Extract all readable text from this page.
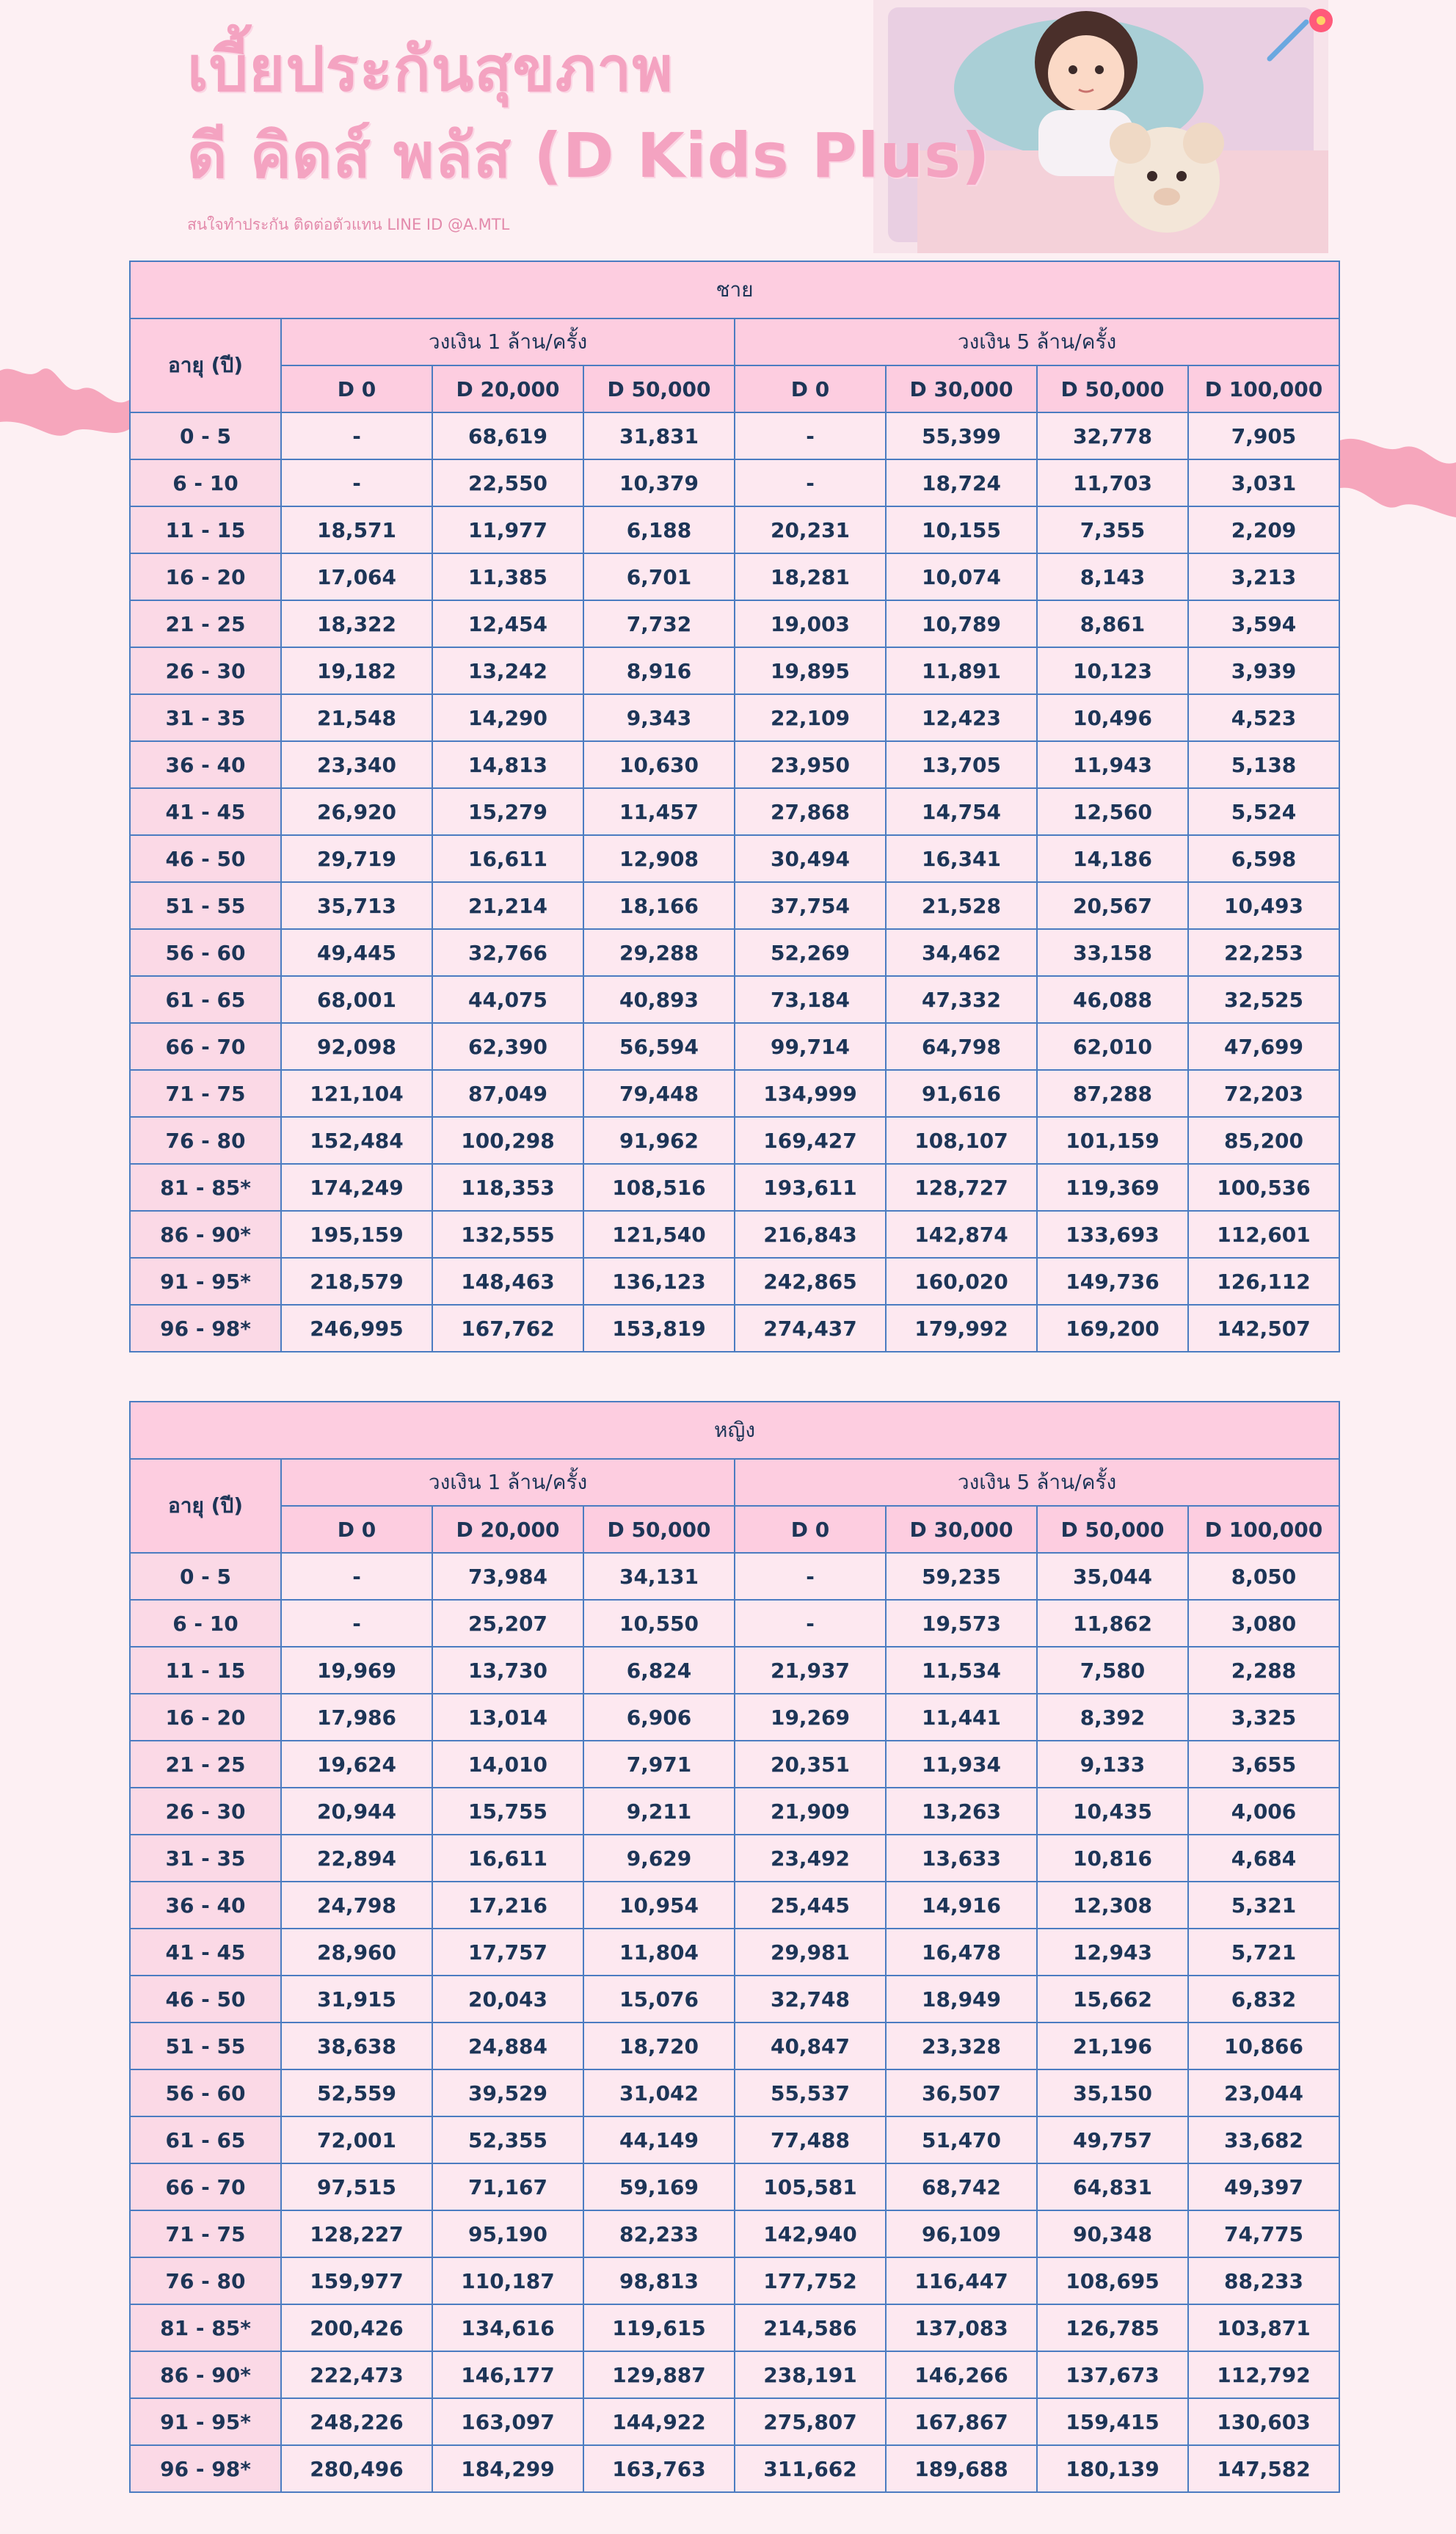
เบี้ยประกันสุขภาพ
ดี คิดส์ พลัส (D Kids Plus)
สนใจทำประกัน ติดต่อตัวแทน LINE ID @A.MTL
ชาย							
อายุ (ปี)	วงเงิน 1 ล้าน/ครั้ง			วงเงิน 5 ล้าน/ครั้ง			
	D 0	D 20,000	D 50,000	D 0	D 30,000	D 50,000	D 100,000
0 - 5	-	68,619	31,831	-	55,399	32,778	7,905
6 - 10	-	22,550	10,379	-	18,724	11,703	3,031
11 - 15	18,571	11,977	6,188	20,231	10,155	7,355	2,209
16 - 20	17,064	11,385	6,701	18,281	10,074	8,143	3,213
21 - 25	18,322	12,454	7,732	19,003	10,789	8,861	3,594
26 - 30	19,182	13,242	8,916	19,895	11,891	10,123	3,939
31 - 35	21,548	14,290	9,343	22,109	12,423	10,496	4,523
36 - 40	23,340	14,813	10,630	23,950	13,705	11,943	5,138
41 - 45	26,920	15,279	11,457	27,868	14,754	12,560	5,524
46 - 50	29,719	16,611	12,908	30,494	16,341	14,186	6,598
51 - 55	35,713	21,214	18,166	37,754	21,528	20,567	10,493
56 - 60	49,445	32,766	29,288	52,269	34,462	33,158	22,253
61 - 65	68,001	44,075	40,893	73,184	47,332	46,088	32,525
66 - 70	92,098	62,390	56,594	99,714	64,798	62,010	47,699
71 - 75	121,104	87,049	79,448	134,999	91,616	87,288	72,203
76 - 80	152,484	100,298	91,962	169,427	108,107	101,159	85,200
81 - 85*	174,249	118,353	108,516	193,611	128,727	119,369	100,536
86 - 90*	195,159	132,555	121,540	216,843	142,874	133,693	112,601
91 - 95*	218,579	148,463	136,123	242,865	160,020	149,736	126,112
96 - 98*	246,995	167,762	153,819	274,437	179,992	169,200	142,507
หญิง							
อายุ (ปี)	วงเงิน 1 ล้าน/ครั้ง			วงเงิน 5 ล้าน/ครั้ง			
	D 0	D 20,000	D 50,000	D 0	D 30,000	D 50,000	D 100,000
0 - 5	-	73,984	34,131	-	59,235	35,044	8,050
6 - 10	-	25,207	10,550	-	19,573	11,862	3,080
11 - 15	19,969	13,730	6,824	21,937	11,534	7,580	2,288
16 - 20	17,986	13,014	6,906	19,269	11,441	8,392	3,325
21 - 25	19,624	14,010	7,971	20,351	11,934	9,133	3,655
26 - 30	20,944	15,755	9,211	21,909	13,263	10,435	4,006
31 - 35	22,894	16,611	9,629	23,492	13,633	10,816	4,684
36 - 40	24,798	17,216	10,954	25,445	14,916	12,308	5,321
41 - 45	28,960	17,757	11,804	29,981	16,478	12,943	5,721
46 - 50	31,915	20,043	15,076	32,748	18,949	15,662	6,832
51 - 55	38,638	24,884	18,720	40,847	23,328	21,196	10,866
56 - 60	52,559	39,529	31,042	55,537	36,507	35,150	23,044
61 - 65	72,001	52,355	44,149	77,488	51,470	49,757	33,682
66 - 70	97,515	71,167	59,169	105,581	68,742	64,831	49,397
71 - 75	128,227	95,190	82,233	142,940	96,109	90,348	74,775
76 - 80	159,977	110,187	98,813	177,752	116,447	108,695	88,233
81 - 85*	200,426	134,616	119,615	214,586	137,083	126,785	103,871
86 - 90*	222,473	146,177	129,887	238,191	146,266	137,673	112,792
91 - 95*	248,226	163,097	144,922	275,807	167,867	159,415	130,603
96 - 98*	280,496	184,299	163,763	311,662	189,688	180,139	147,582
